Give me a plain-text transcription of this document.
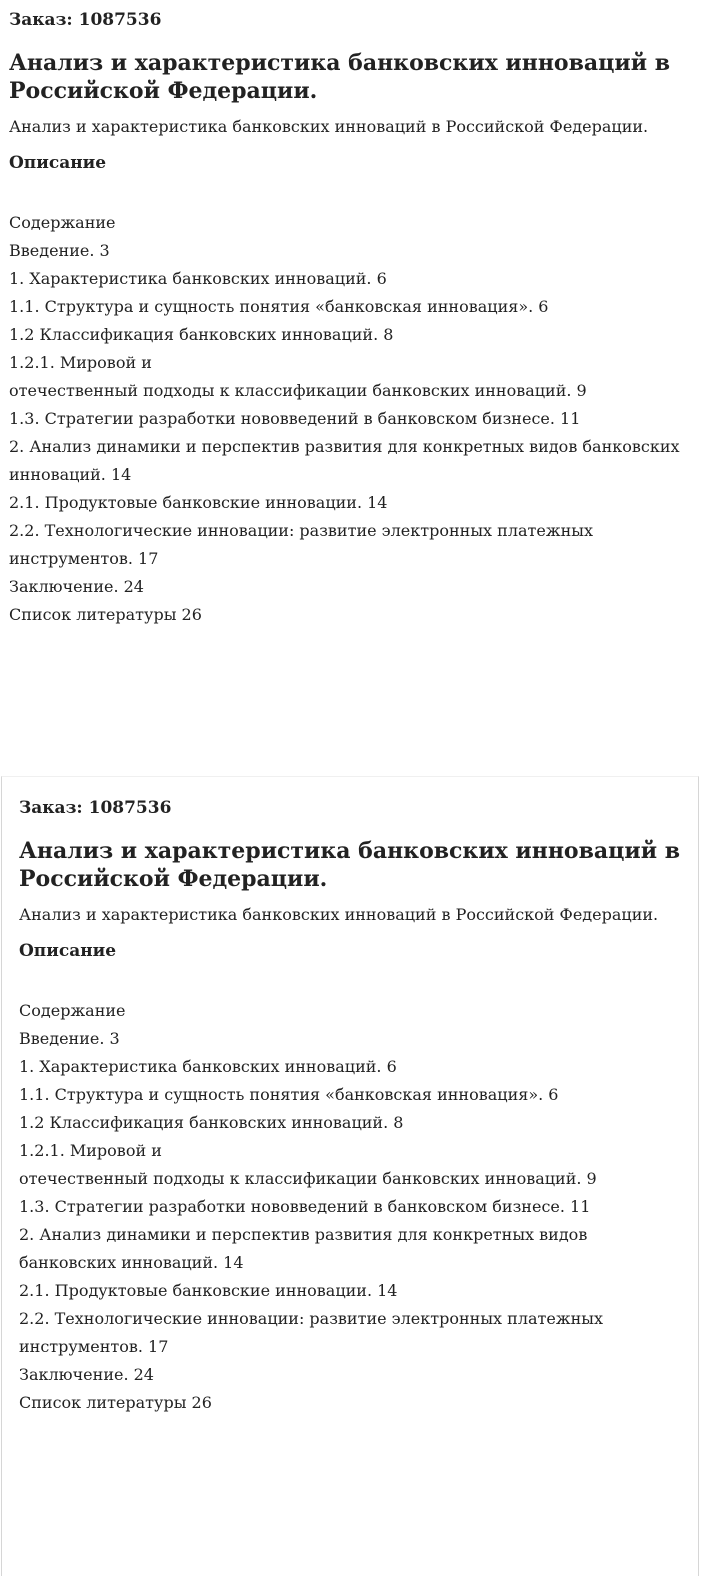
Заказ: 1087536
Анализ и характеристика банковских инноваций в Российской Федерации.
Анализ и характеристика банковских инноваций в Российской Федерации.
Описание
Содержание
Введение. 3
1. Характеристика банковских инноваций. 6
1.1. Структура и сущность понятия «банковская инновация». 6
1.2 Классификация банковских инноваций. 8
1.2.1. Мировой и
отечественный подходы к классификации банковских инноваций. 9
1.3. Стратегии разработки нововведений в банковском бизнесе. 11
2. Анализ динамики и перспектив развития для конкретных видов банковских инноваций. 14
2.1. Продуктовые банковские инновации. 14
2.2. Технологические инновации: развитие электронных платежных инструментов. 17
Заключение. 24
Список литературы 26
Заказ: 1087536
Анализ и характеристика банковских инноваций в Российской Федерации.
Анализ и характеристика банковских инноваций в Российской Федерации.
Описание
Содержание
Введение. 3
1. Характеристика банковских инноваций. 6
1.1. Структура и сущность понятия «банковская инновация». 6
1.2 Классификация банковских инноваций. 8
1.2.1. Мировой и
отечественный подходы к классификации банковских инноваций. 9
1.3. Стратегии разработки нововведений в банковском бизнесе. 11
2. Анализ динамики и перспектив развития для конкретных видов банковских инноваций. 14
2.1. Продуктовые банковские инновации. 14
2.2. Технологические инновации: развитие электронных платежных инструментов. 17
Заключение. 24
Список литературы 26
